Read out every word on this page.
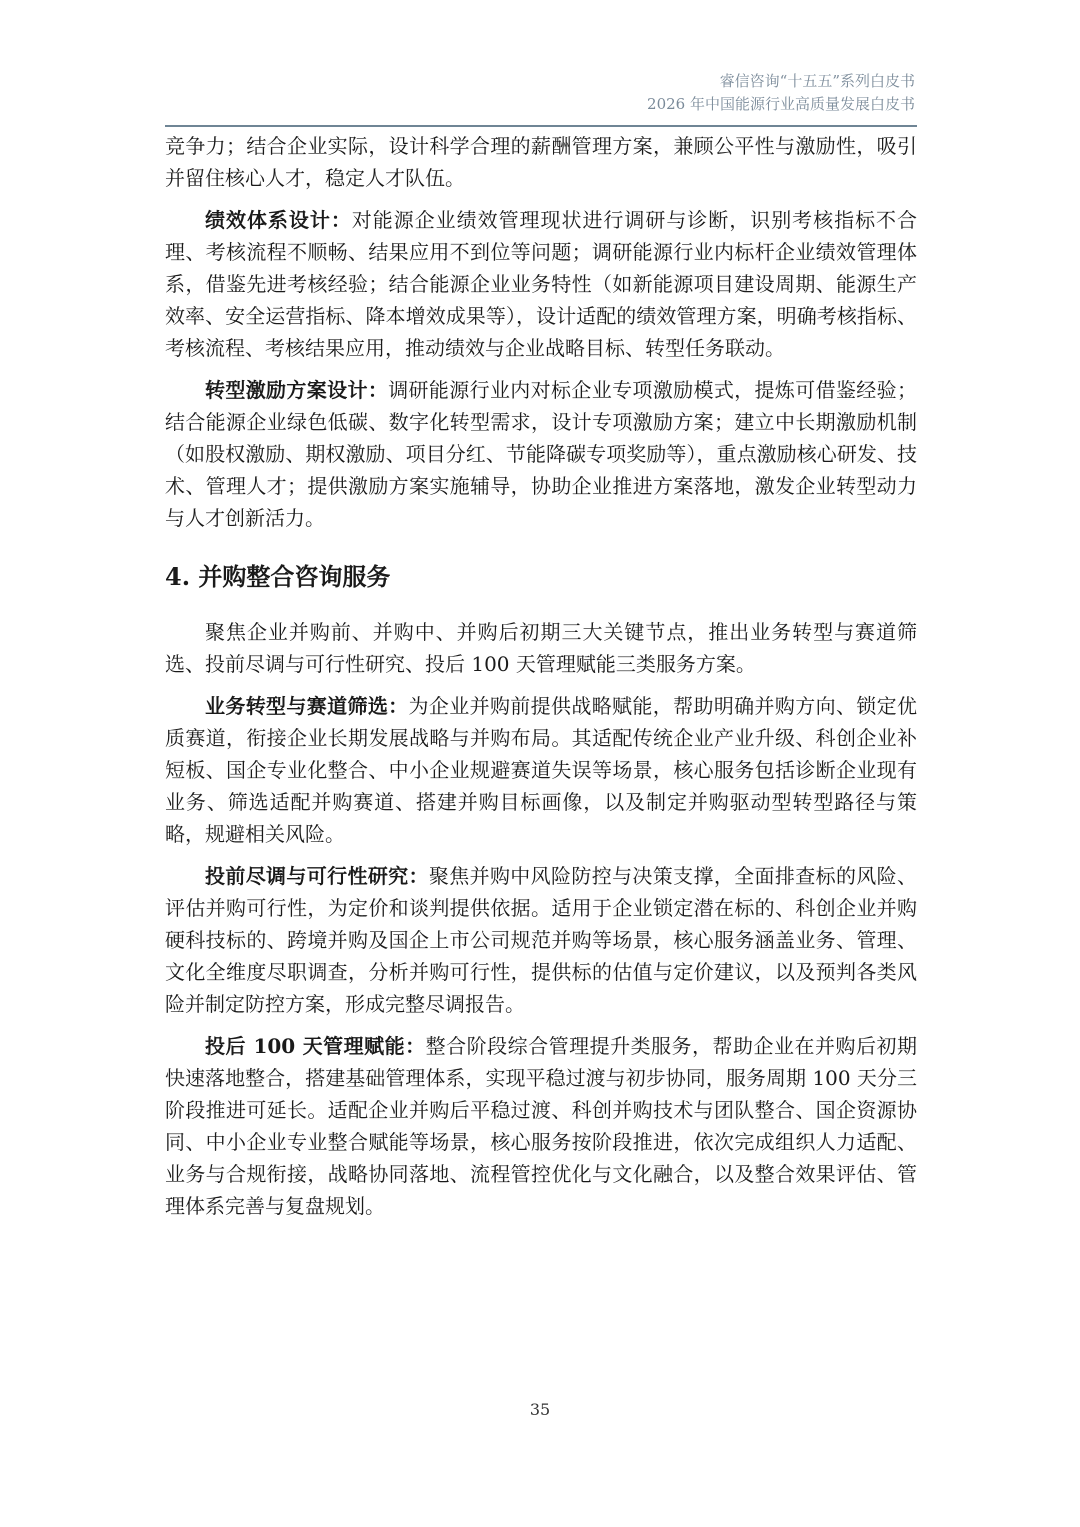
睿信咨询“十五五”系列白皮书
2026 年中国能源行业高质量发展白皮书

竞争力；结合企业实际，设计科学合理的薪酬管理方案，兼顾公平性与激励性，吸引并留住核心人才，稳定人才队伍。

绩效体系设计：对能源企业绩效管理现状进行调研与诊断，识别考核指标不合理、考核流程不顺畅、结果应用不到位等问题；调研能源行业内标杆企业绩效管理体系，借鉴先进考核经验；结合能源企业业务特性（如新能源项目建设周期、能源生产效率、安全运营指标、降本增效成果等），设计适配的绩效管理方案，明确考核指标、考核流程、考核结果应用，推动绩效与企业战略目标、转型任务联动。

转型激励方案设计：调研能源行业内对标企业专项激励模式，提炼可借鉴经验；结合能源企业绿色低碳、数字化转型需求，设计专项激励方案；建立中长期激励机制（如股权激励、期权激励、项目分红、节能降碳专项奖励等），重点激励核心研发、技术、管理人才；提供激励方案实施辅导，协助企业推进方案落地，激发企业转型动力与人才创新活力。

4. 并购整合咨询服务

聚焦企业并购前、并购中、并购后初期三大关键节点，推出业务转型与赛道筛选、投前尽调与可行性研究、投后 100 天管理赋能三类服务方案。

业务转型与赛道筛选：为企业并购前提供战略赋能，帮助明确并购方向、锁定优质赛道，衔接企业长期发展战略与并购布局。其适配传统企业产业升级、科创企业补短板、国企专业化整合、中小企业规避赛道失误等场景，核心服务包括诊断企业现有业务、筛选适配并购赛道、搭建并购目标画像，以及制定并购驱动型转型路径与策略，规避相关风险。

投前尽调与可行性研究：聚焦并购中风险防控与决策支撑，全面排查标的风险、评估并购可行性，为定价和谈判提供依据。适用于企业锁定潜在标的、科创企业并购硬科技标的、跨境并购及国企上市公司规范并购等场景，核心服务涵盖业务、管理、文化全维度尽职调查，分析并购可行性，提供标的估值与定价建议，以及预判各类风险并制定防控方案，形成完整尽调报告。

投后 100 天管理赋能：整合阶段综合管理提升类服务，帮助企业在并购后初期快速落地整合，搭建基础管理体系，实现平稳过渡与初步协同，服务周期 100 天分三阶段推进可延长。适配企业并购后平稳过渡、科创并购技术与团队整合、国企资源协同、中小企业专业整合赋能等场景，核心服务按阶段推进，依次完成组织人力适配、业务与合规衔接，战略协同落地、流程管控优化与文化融合，以及整合效果评估、管理体系完善与复盘规划。

35
